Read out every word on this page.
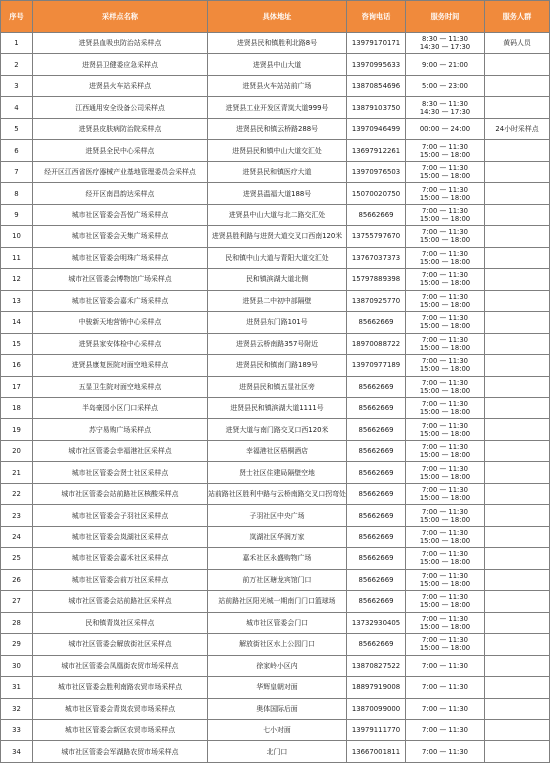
序号	采样点名称	具体地址	咨询电话	服务时间	服务人群
1	进贤县血吸虫防治站采样点	进贤县民和镇胜利北路8号	13979170171	8:30 — 11:30
14:30 — 17:30	黄码人员
2	进贤县卫健委应急采样点	进贤县中山大道	13970995633	9:00 — 21:00	

3	进贤县火车站采样点	进贤县火车站站前广场	13870854696	5:00 — 23:00	

4	江西通用安全设备公司采样点	进贤县工业开发区青岚大道999号	13879103750	8:30 — 11:30
14:30 — 17:30	

5	进贤县皮肤病防治院采样点	进贤县民和镇云桥路288号	13970946499	00:00 — 24:00	24小时采样点
6	进贤县全民中心采样点	进贤县民和镇中山大道交汇处	13697912261	7:00 — 11:30
15:00 — 18:00	

7	经开区江西省医疗器械产业基地管理委员会采样点	进贤县民和镇医疗大道	13970976503	7:00 — 11:30
15:00 — 18:00	

8	经开区南昌韵达采样点	进贤县温福大道188号	15070020750	7:00 — 11:30
15:00 — 18:00	

9	城市社区管委会吾悦广场采样点	进贤县中山大道与北二路交汇处	85662669	7:00 — 11:30
15:00 — 18:00	

10	城市社区管委会天集广场采样点	进贤县胜利路与进贤大道交叉口西南120米	13755797670	7:00 — 11:30
15:00 — 18:00	

11	城市社区管委会明珠广场采样点	民和镇中山大道与青阳大道交汇处	13767037373	7:00 — 11:30
15:00 — 18:00	

12	城市社区管委会博物馆广场采样点	民和镇滨湖大道北侧	15797889398	7:00 — 11:30
15:00 — 18:00	

13	城市社区管委会嘉禾广场采样点	进贤县二中初中部隔壁	13870925770	7:00 — 11:30
15:00 — 18:00	

14	中骏新天地营销中心采样点	进贤县东门路101号	85662669	7:00 — 11:30
15:00 — 18:00	

15	进贤县家安体检中心采样点	进贤县云桥南路357号附近	18970088722	7:00 — 11:30
15:00 — 18:00	

16	进贤县康复医院对面空地采样点	进贤县民和镇南门路189号	13970977189	7:00 — 11:30
15:00 — 18:00	

17	五显卫生院对面空地采样点	进贤县民和镇五显社区旁	85662669	7:00 — 11:30
15:00 — 18:00	

18	半岛豪园小区门口采样点	进贤县民和镇滨湖大道1111号	85662669	7:00 — 11:30
15:00 — 18:00	

19	苏宁易购广场采样点	进贤大道与南门路交叉口西120米	85662669	7:00 — 11:30
15:00 — 18:00	

20	城市社区管委会幸福港社区采样点	幸福港社区梧桐酒店	85662669	7:00 — 11:30
15:00 — 18:00	

21	城市社区管委会贤士社区采样点	贤士社区住建局隔壁空地	85662669	7:00 — 11:30
15:00 — 18:00	

22	城市社区管委会站前路社区核酸采样点	站前路社区胜利中路与云桥南路交叉口拐弯处	85662669	7:00 — 11:30
15:00 — 18:00	

23	城市社区管委会子羽社区采样点	子羽社区中央广场	85662669	7:00 — 11:30
15:00 — 18:00	

24	城市社区管委会岚湖社区采样点	岚湖社区华润万家	85662669	7:00 — 11:30
15:00 — 18:00	

25	城市社区管委会嘉禾社区采样点	嘉禾社区永盛购物广场	85662669	7:00 — 11:30
15:00 — 18:00	

26	城市社区管委会前万社区采样点	前万社区瑭龙宾馆门口	85662669	7:00 — 11:30
15:00 — 18:00	

27	城市社区管委会站前路社区采样点	站前路社区阳光城一期南门门口篮球场	85662669	7:00 — 11:30
15:00 — 18:00	

28	民和镇青岚社区采样点	城市社区管委会门口	13732930405	7:00 — 11:30
15:00 — 18:00	

29	城市社区管委会解放街社区采样点	解放街社区水上公园门口	85662669	7:00 — 11:30
15:00 — 18:00	

30	城市社区管委会凤凰街农贸市场采样点	徐家岭小区内	13870827522	7:00 — 11:30	

31	城市社区管委会胜利南路农贸市场采样点	华辉皇朝对面	18897919008	7:00 — 11:30	

32	城市社区管委会青岚农贸市场采样点	奥体国际后面	13870099000	7:00 — 11:30	

33	城市社区管委会新区农贸市场采样点	七小对面	13979111770	7:00 — 11:30	

34	城市社区管委会军湖路农贸市场采样点	北门口	13667001811	7:00 — 11:30	
